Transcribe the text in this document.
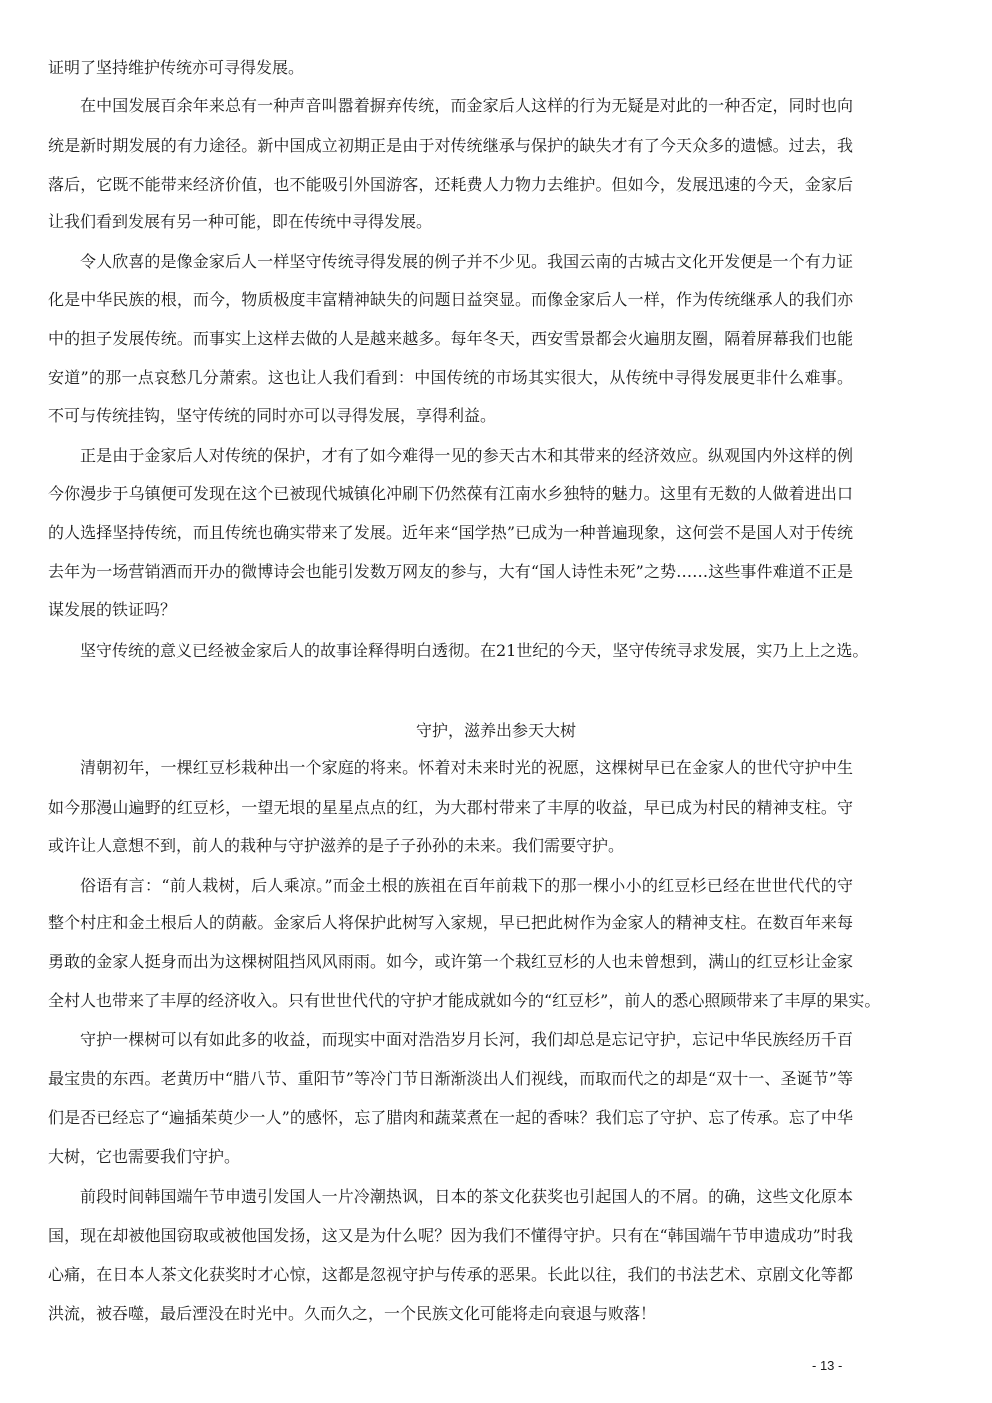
证明了坚持维护传统亦可寻得发展。
在中国发展百余年来总有一种声音叫嚣着摒弃传统，而金家后人这样的行为无疑是对此的一种否定，同时也向
统是新时期发展的有力途径。新中国成立初期正是由于对传统继承与保护的缺失才有了今天众多的遗憾。过去，我
落后，它既不能带来经济价值，也不能吸引外国游客，还耗费人力物力去维护。但如今，发展迅速的今天，金家后
让我们看到发展有另一种可能，即在传统中寻得发展。
令人欣喜的是像金家后人一样坚守传统寻得发展的例子并不少见。我国云南的古城古文化开发便是一个有力证
化是中华民族的根，而今，物质极度丰富精神缺失的问题日益突显。而像金家后人一样，作为传统继承人的我们亦
中的担子发展传统。而事实上这样去做的人是越来越多。每年冬天，西安雪景都会火遍朋友圈，隔着屏幕我们也能
安道”的那一点哀愁几分萧索。这也让人我们看到：中国传统的市场其实很大，从传统中寻得发展更非什么难事。
不可与传统挂钩，坚守传统的同时亦可以寻得发展，享得利益。
正是由于金家后人对传统的保护，才有了如今难得一见的参天古木和其带来的经济效应。纵观国内外这样的例
今你漫步于乌镇便可发现在这个已被现代城镇化冲刷下仍然葆有江南水乡独特的魅力。这里有无数的人做着进出口
的人选择坚持传统，而且传统也确实带来了发展。近年来“国学热”已成为一种普遍现象，这何尝不是国人对于传统
去年为一场营销酒而开办的微博诗会也能引发数万网友的参与，大有“国人诗性未死”之势……这些事件难道不正是
谋发展的铁证吗？
坚守传统的意义已经被金家后人的故事诠释得明白透彻。在21世纪的今天，坚守传统寻求发展，实乃上上之选。
守护，滋养出参天大树
清朝初年，一棵红豆杉栽种出一个家庭的将来。怀着对未来时光的祝愿，这棵树早已在金家人的世代守护中生
如今那漫山遍野的红豆杉，一望无垠的星星点点的红，为大郡村带来了丰厚的收益，早已成为村民的精神支柱。守
或许让人意想不到，前人的栽种与守护滋养的是子子孙孙的未来。我们需要守护。
俗语有言：“前人栽树，后人乘凉。”而金土根的族祖在百年前栽下的那一棵小小的红豆杉已经在世世代代的守
整个村庄和金土根后人的荫蔽。金家后人将保护此树写入家规，早已把此树作为金家人的精神支柱。在数百年来每
勇敢的金家人挺身而出为这棵树阻挡风风雨雨。如今，或许第一个栽红豆杉的人也未曾想到，满山的红豆杉让金家
全村人也带来了丰厚的经济收入。只有世世代代的守护才能成就如今的“红豆杉”，前人的悉心照顾带来了丰厚的果实。
守护一棵树可以有如此多的收益，而现实中面对浩浩岁月长河，我们却总是忘记守护，忘记中华民族经历千百
最宝贵的东西。老黄历中“腊八节、重阳节”等冷门节日渐渐淡出人们视线，而取而代之的却是“双十一、圣诞节”等
们是否已经忘了“遍插茱萸少一人”的感怀，忘了腊肉和蔬菜煮在一起的香味？我们忘了守护、忘了传承。忘了中华
大树，它也需要我们守护。
前段时间韩国端午节申遗引发国人一片冷潮热讽，日本的茶文化获奖也引起国人的不屑。的确，这些文化原本
国，现在却被他国窃取或被他国发扬，这又是为什么呢？因为我们不懂得守护。只有在“韩国端午节申遗成功”时我
心痛，在日本人茶文化获奖时才心惊，这都是忽视守护与传承的恶果。长此以往，我们的书法艺术、京剧文化等都
洪流，被吞噬，最后湮没在时光中。久而久之，一个民族文化可能将走向衰退与败落！
- 13 -
